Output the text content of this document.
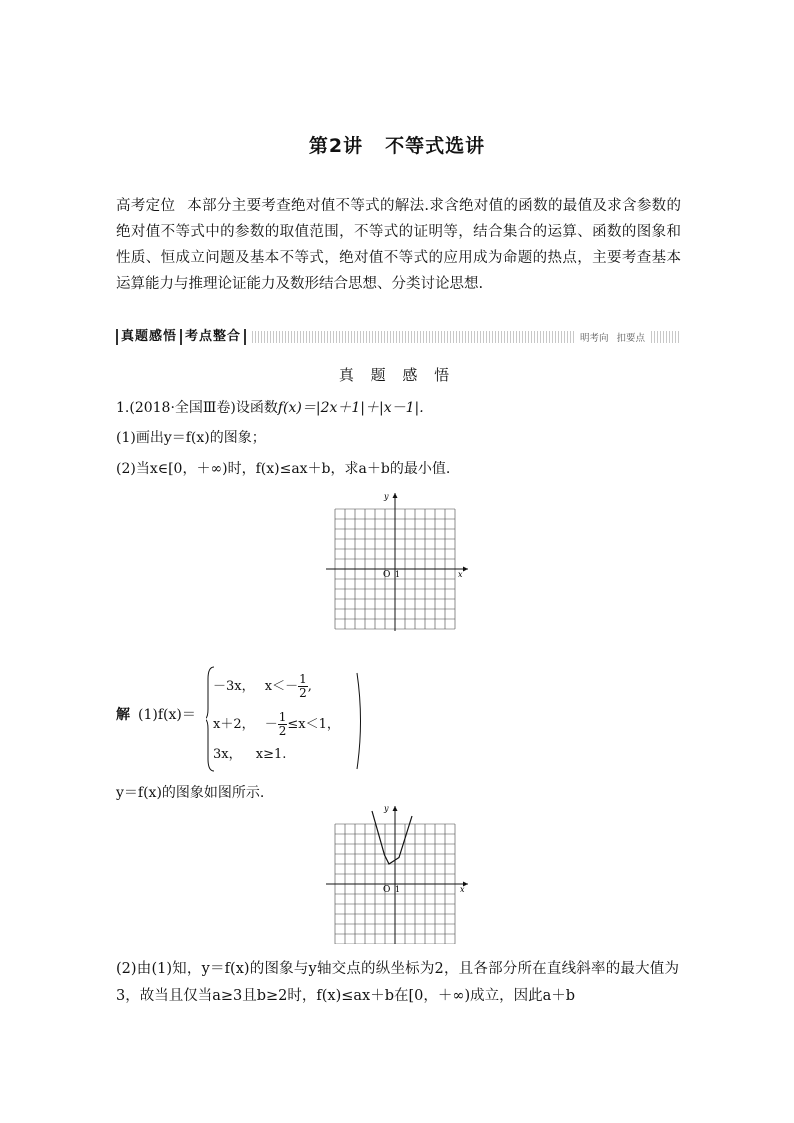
第2讲 不等式选讲
高考定位 本部分主要考查绝对值不等式的解法.求含绝对值的函数的最值及求含参数的绝对值不等式中的参数的取值范围，不等式的证明等，结合集合的运算、函数的图象和性质、恒成立问题及基本不等式，绝对值不等式的应用成为命题的热点，主要考查基本运算能力与推理论证能力及数形结合思想、分类讨论思想.
真题感悟 考点整合	明考向 扣要点
真 题 感 悟
1.(2018·全国Ⅲ卷)设函数f(x)＝|2x＋1|＋|x－1|.
(1)画出y＝f(x)的图象；
(2)当x∈[0，＋∞)时，f(x)≤ax＋b，求a＋b的最小值.
y
x
O 1
解 (1)f(x)＝
－3x， $x<- \frac{1}{2}$ ,
x＋2， － $\frac{1}{2} \le x<1$，
3x， x≥1.
y＝f(x)的图象如图所示.
y
x
O 1
(2)由(1)知，y＝f(x)的图象与y轴交点的纵坐标为2，且各部分所在直线斜率的最大值为3，故当且仅当a≥3且b≥2时，f(x)≤ax＋b在[0，＋∞)成立，因此a＋b
